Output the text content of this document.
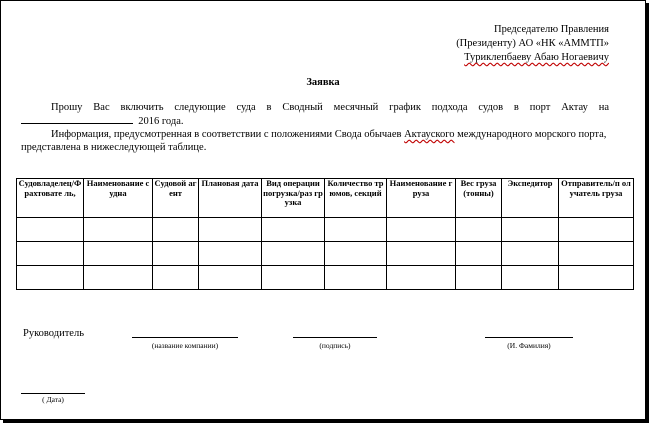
Председателю Правления
(Президенту) АО «НК «АММТП»
Туриклепбаеву Абаю Ногаевичу
Заявка

Прошу Вас включить следующие суда в Сводный месячный график подхода судов в порт Актау на

2016 года.

Информация, предусмотренная в соответствии с положениями Свода обычаев Актауского международного морского порта, представлена в нижеследующей таблице.

Судовладелец/Фрахтовате ль,	Наименование судна	Судовой агент	Плановая дата	Вид операции погрузка/раз грузка	Количество трюмов, секций	Наименование груза	Вес груза (тонны)	Экспедитор	Отправитель/п олучатель груза

Руководитель
(название компании)	(подпись)	(И. Фамилия)
( Дата)
